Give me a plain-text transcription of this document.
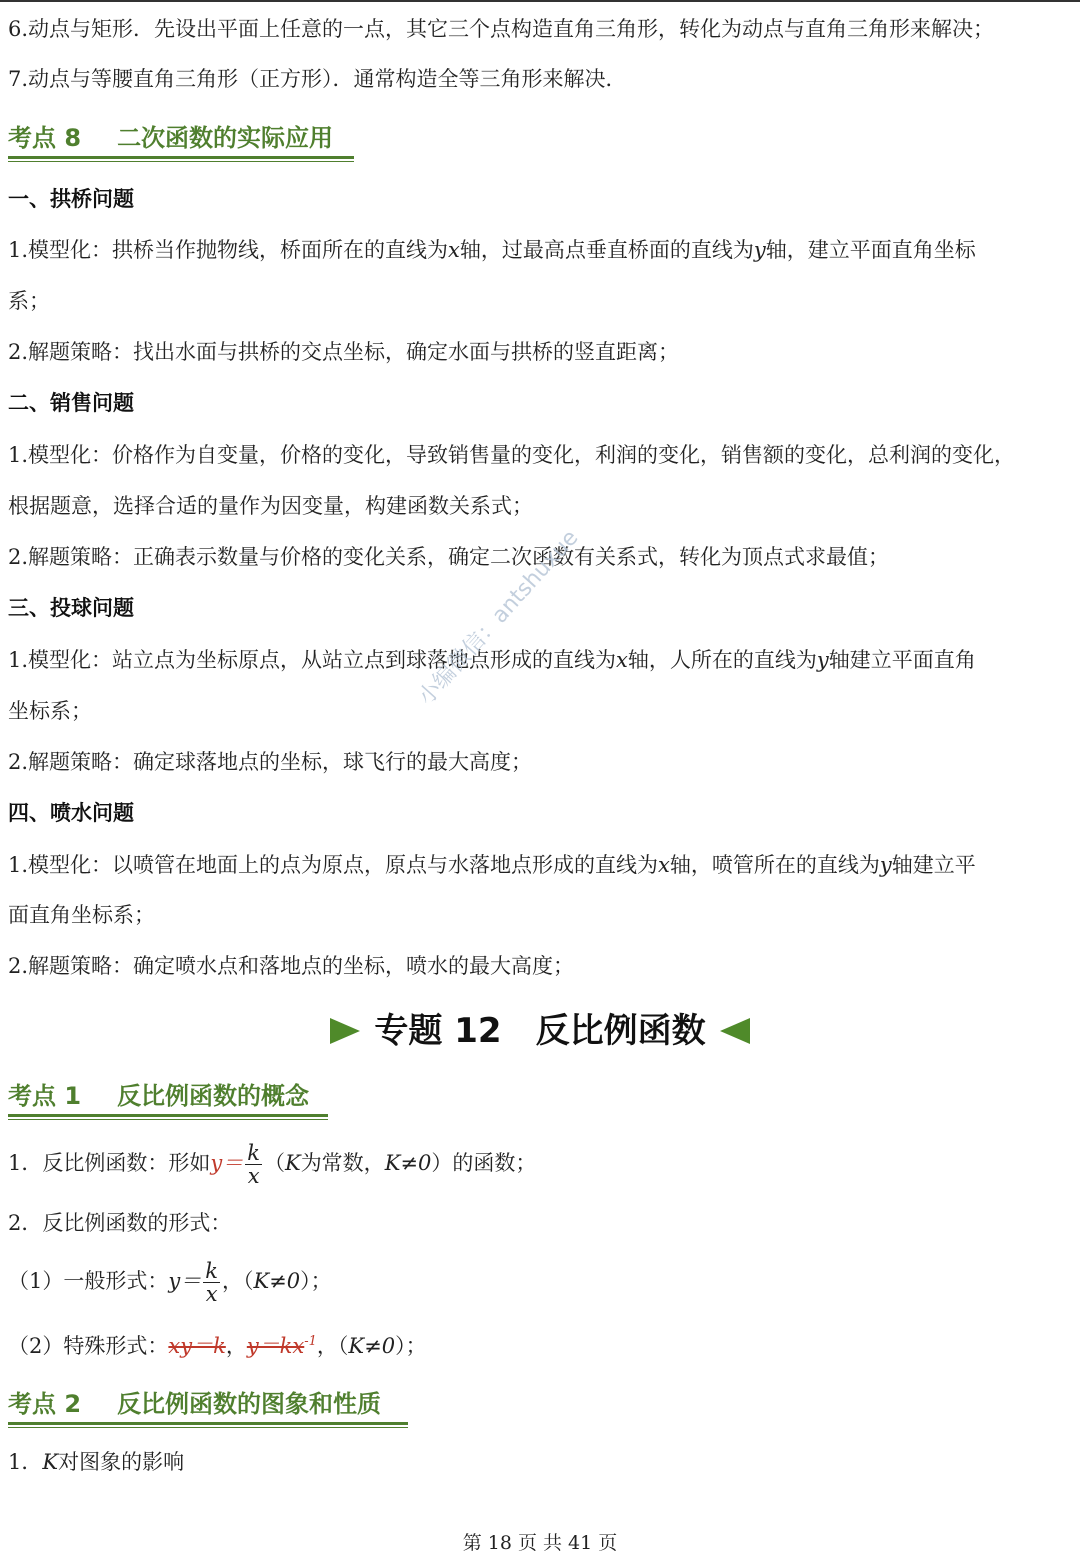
6.动点与矩形．先设出平面上任意的一点，其它三个点构造直角三角形，转化为动点与直角三角形来解决；
7.动点与等腰直角三角形（正方形）．通常构造全等三角形来解决．
考点 8 二次函数的实际应用
一、拱桥问题
1.模型化：拱桥当作抛物线，桥面所在的直线为x轴，过最高点垂直桥面的直线为y轴，建立平面直角坐标
系；
2.解题策略：找出水面与拱桥的交点坐标，确定水面与拱桥的竖直距离；
二、销售问题
1.模型化：价格作为自变量，价格的变化，导致销售量的变化，利润的变化，销售额的变化，总利润的变化，
根据题意，选择合适的量作为因变量，构建函数关系式；
2.解题策略：正确表示数量与价格的变化关系，确定二次函数有关系式，转化为顶点式求最值；
三、投球问题
1.模型化：站立点为坐标原点，从站立点到球落地点形成的直线为x轴，人所在的直线为y轴建立平面直角
坐标系；
2.解题策略：确定球落地点的坐标，球飞行的最大高度；
四、喷水问题
1.模型化：以喷管在地面上的点为原点，原点与水落地点形成的直线为x轴，喷管所在的直线为y轴建立平
面直角坐标系；
2.解题策略：确定喷水点和落地点的坐标，喷水的最大高度；
专题 12　反比例函数
考点 1 反比例函数的概念
1．反比例函数：形如$y= \frac{k}{x} (K$为常数，K≠0）的函数；
2．反比例函数的形式：
（1）一般形式：$y= \frac{k}{x}$ ，（K≠0）；
（2）特殊形式：xy＝k，$y=kx^{-1}$，（K≠0）；
考点 2 反比例函数的图象和性质
1．K对图象的影响
小编微信：antshuxue
第 18 页 共 41 页
